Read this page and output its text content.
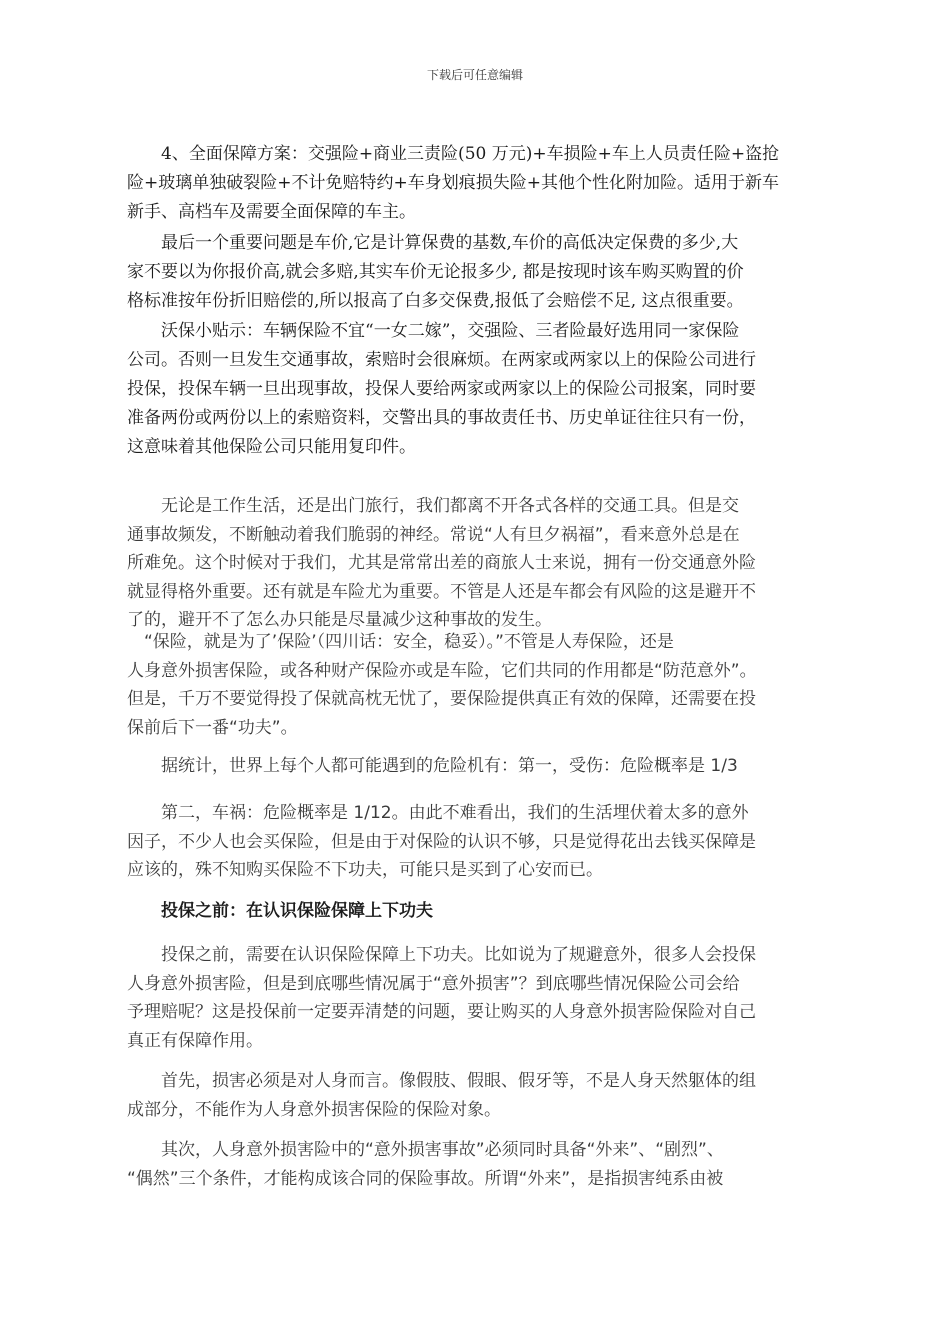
下载后可任意编辑
　　4、全面保障方案：交强险+商业三责险(50 万元)+车损险+车上人员责任险+盗抢
险+玻璃单独破裂险+不计免赔特约+车身划痕损失险+其他个性化附加险。适用于新车
新手、高档车及需要全面保障的车主。
　　最后一个重要问题是车价,它是计算保费的基数,车价的高低决定保费的多少,大
家不要以为你报价高,就会多赔,其实车价无论报多少, 都是按现时该车购买购置的价
格标准按年份折旧赔偿的,所以报高了白多交保费,报低了会赔偿不足, 这点很重要。
　　沃保小贴示：车辆保险不宜“一女二嫁”，交强险、三者险最好选用同一家保险
公司。否则一旦发生交通事故，索赔时会很麻烦。在两家或两家以上的保险公司进行
投保，投保车辆一旦出现事故，投保人要给两家或两家以上的保险公司报案，同时要
准备两份或两份以上的索赔资料，交警出具的事故责任书、历史单证往往只有一份，
这意味着其他保险公司只能用复印件。
　　无论是工作生活，还是出门旅行，我们都离不开各式各样的交通工具。但是交
通事故频发，不断触动着我们脆弱的神经。常说“人有旦夕祸福”，看来意外总是在
所难免。这个时候对于我们，尤其是常常出差的商旅人士来说，拥有一份交通意外险
就显得格外重要。还有就是车险尤为重要。不管是人还是车都会有风险的这是避开不
了的，避开不了怎么办只能是尽量减少这种事故的发生。
　“保险，就是为了’保险’（四川话：安全，稳妥）。”不管是人寿保险，还是
人身意外损害保险，或各种财产保险亦或是车险，它们共同的作用都是“防范意外”。
但是，千万不要觉得投了保就高枕无忧了，要保险提供真正有效的保障，还需要在投
保前后下一番“功夫”。
　　据统计，世界上每个人都可能遇到的危险机有：第一，受伤：危险概率是 1/3
　　第二，车祸：危险概率是 1/12。由此不难看出，我们的生活埋伏着太多的意外
因子，不少人也会买保险，但是由于对保险的认识不够，只是觉得花出去钱买保障是
应该的，殊不知购买保险不下功夫，可能只是买到了心安而已。
　　投保之前：在认识保险保障上下功夫
　　投保之前，需要在认识保险保障上下功夫。比如说为了规避意外，很多人会投保
人身意外损害险，但是到底哪些情况属于“意外损害”？到底哪些情况保险公司会给
予理赔呢？这是投保前一定要弄清楚的问题，要让购买的人身意外损害险保险对自己
真正有保障作用。
　　首先，损害必须是对人身而言。像假肢、假眼、假牙等，不是人身天然躯体的组
成部分，不能作为人身意外损害保险的保险对象。
　　其次，人身意外损害险中的“意外损害事故”必须同时具备“外来”、“剧烈”、
“偶然”三个条件，才能构成该合同的保险事故。所谓“外来”，是指损害纯系由被
